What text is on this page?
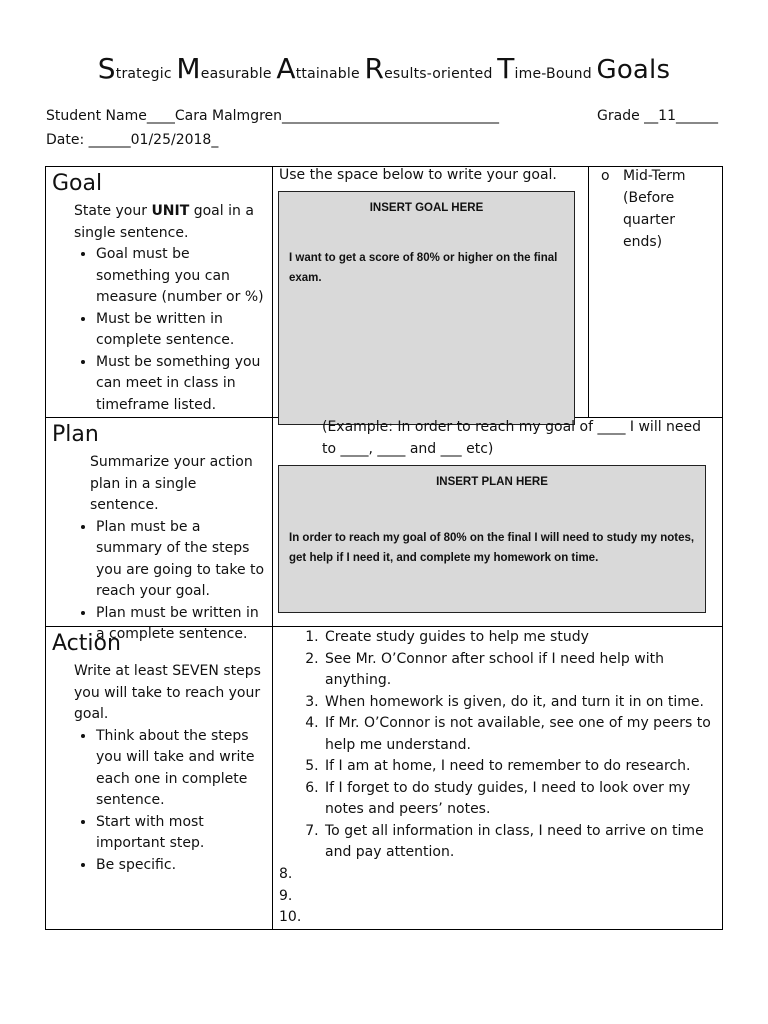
Strategic Measurable Attainable Results-oriented Time-Bound Goals
Student Name____Cara Malmgren_______________________________	Grade __11______
Date: ______01/25/2018_
Goal
State your UNIT goal in a single sentence.
• Goal must be something you can measure (number or %)
• Must be written in complete sentence.
• Must be something you can meet in class in timeframe listed.
Use the space below to write your goal.
INSERT GOAL HERE
I want to get a score of 80% or higher on the final exam.
o Mid-Term (Before quarter ends)
Plan
Summarize your action plan in a single sentence.
• Plan must be a summary of the steps you are going to take to reach your goal.
• Plan must be written in a complete sentence.
(Example: In order to reach my goal of ____ I will need to ____, ____ and ___ etc)
INSERT PLAN HERE
In order to reach my goal of 80% on the final I will need to study my notes, get help if I need it, and complete my homework on time.
Action
Write at least SEVEN steps you will take to reach your goal.
• Think about the steps you will take and write each one in complete sentence.
• Start with most important step.
• Be specific.
1. Create study guides to help me study
2. See Mr. O’Connor after school if I need help with anything.
3. When homework is given, do it, and turn it in on time.
4. If Mr. O’Connor is not available, see one of my peers to help me understand.
5. If I am at home, I need to remember to do research.
6. If I forget to do study guides, I need to look over my notes and peers’ notes.
7. To get all information in class, I need to arrive on time and pay attention.
8.
9.
10.
